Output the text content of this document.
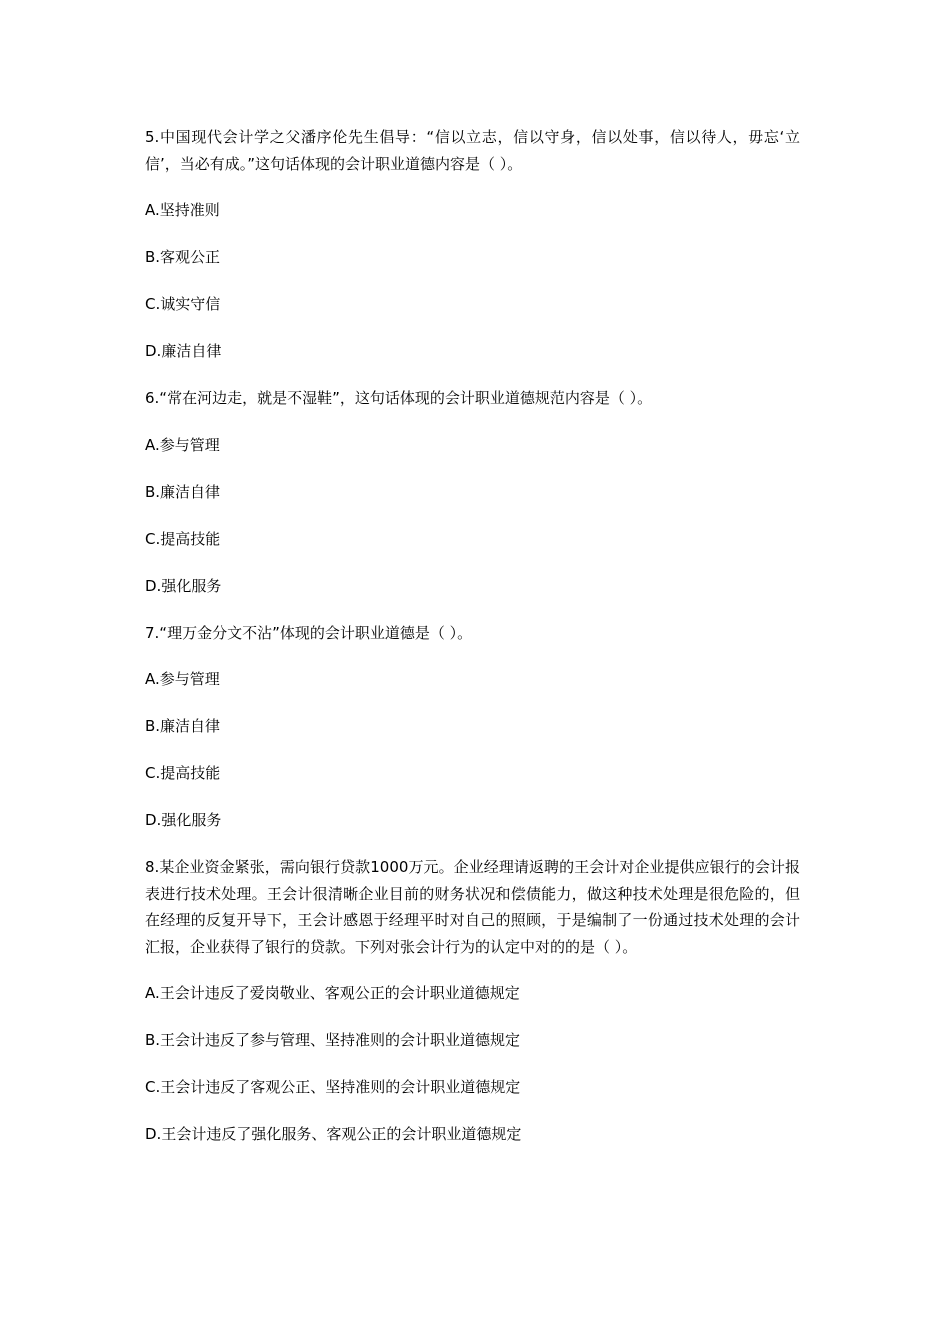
5.中国现代会计学之父潘序伦先生倡导：“信以立志，信以守身，信以处事，信以待人，毋忘‘立信’，当必有成。”这句话体现的会计职业道德内容是（ ）。

A.坚持准则

B.客观公正

C.诚实守信

D.廉洁自律

6.“常在河边走，就是不湿鞋”，这句话体现的会计职业道德规范内容是（ ）。

A.参与管理

B.廉洁自律

C.提高技能

D.强化服务

7.“理万金分文不沾”体现的会计职业道德是（ ）。

A.参与管理

B.廉洁自律

C.提高技能

D.强化服务

8.某企业资金紧张，需向银行贷款1000万元。企业经理请返聘的王会计对企业提供应银行的会计报表进行技术处理。王会计很清晰企业目前的财务状况和偿债能力，做这种技术处理是很危险的，但在经理的反复开导下，王会计感恩于经理平时对自己的照顾，于是编制了一份通过技术处理的会计汇报，企业获得了银行的贷款。下列对张会计行为的认定中对的的是（ ）。

A.王会计违反了爱岗敬业、客观公正的会计职业道德规定

B.王会计违反了参与管理、坚持准则的会计职业道德规定

C.王会计违反了客观公正、坚持准则的会计职业道德规定

D.王会计违反了强化服务、客观公正的会计职业道德规定
